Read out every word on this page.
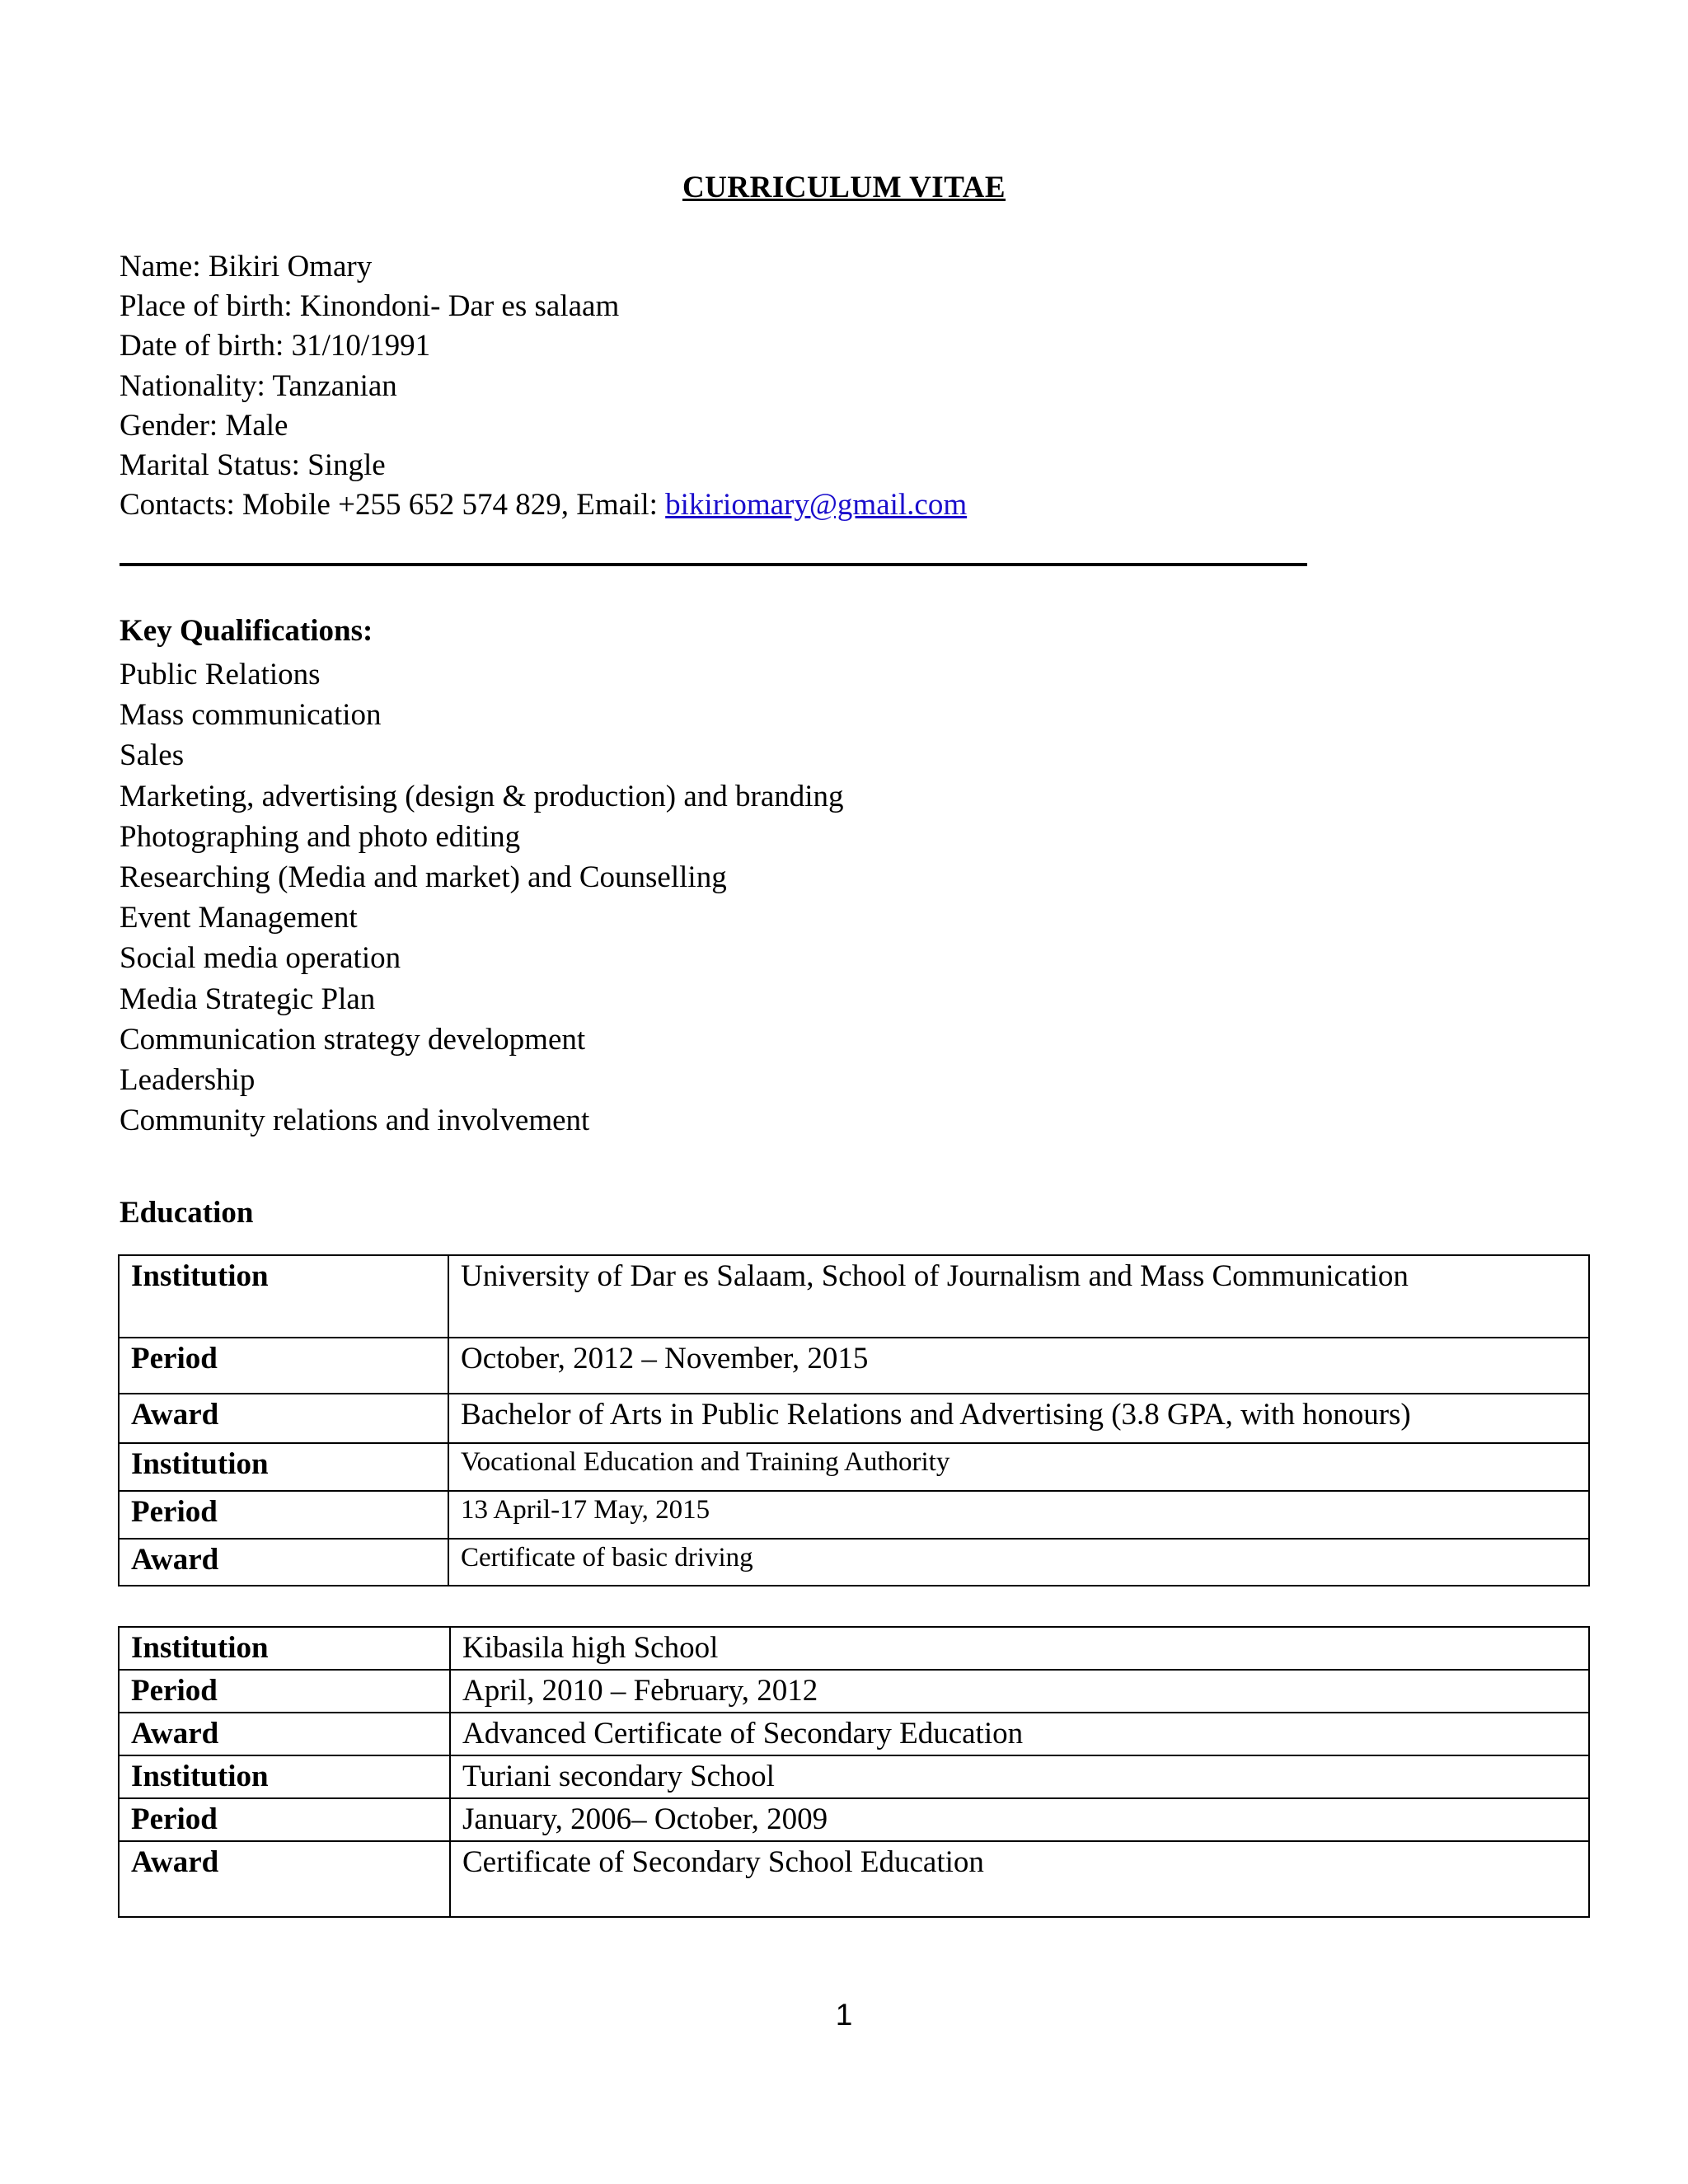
CURRICULUM VITAE
Name: Bikiri Omary
Place of birth: Kinondoni- Dar es salaam
Date of birth: 31/10/1991
Nationality: Tanzanian
Gender: Male
Marital Status: Single
Contacts: Mobile +255 652 574 829, Email: bikiriomary@gmail.com
Key Qualifications:
Public Relations
Mass communication
Sales
Marketing, advertising (design & production) and branding
Photographing and photo editing
Researching (Media and market) and Counselling
Event Management
Social media operation
Media Strategic Plan
Communication strategy development
Leadership
Community relations and involvement
Education
Institution	University of Dar es Salaam, School of Journalism and Mass Communication
Period	October, 2012 – November, 2015
Award	Bachelor of Arts in Public Relations and Advertising (3.8 GPA, with honours)
Institution	Vocational Education and Training Authority
Period	13 April-17 May, 2015
Award	Certificate of basic driving
Institution	Kibasila high School
Period	April, 2010 – February, 2012
Award	Advanced Certificate of Secondary Education
Institution	Turiani secondary School
Period	January, 2006– October, 2009
Award	Certificate of Secondary School Education
1
